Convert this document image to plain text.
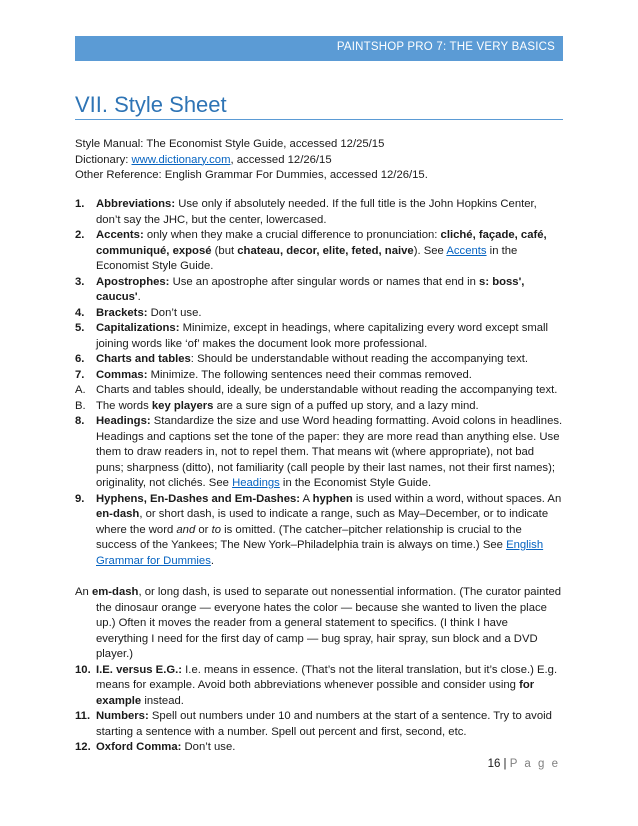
PAINTSHOP PRO 7: THE VERY BASICS
VII. Style Sheet
Style Manual: The Economist Style Guide, accessed 12/25/15
Dictionary: www.dictionary.com, accessed 12/26/15
Other Reference: English Grammar For Dummies, accessed 12/26/15.
1. Abbreviations: Use only if absolutely needed. If the full title is the John Hopkins Center, don’t say the JHC, but the center, lowercased.
2. Accents: only when they make a crucial difference to pronunciation: cliché, façade, café, communiqué, exposé (but chateau, decor, elite, feted, naive). See Accents in the Economist Style Guide.
3. Apostrophes: Use an apostrophe after singular words or names that end in s: boss', caucus'.
4. Brackets: Don’t use.
5. Capitalizations: Minimize, except in headings, where capitalizing every word except small joining words like ‘of’ makes the document look more professional.
6. Charts and tables: Should be understandable without reading the accompanying text.
7. Commas: Minimize. The following sentences need their commas removed.
A. Charts and tables should, ideally, be understandable without reading the accompanying text.
B. The words key players are a sure sign of a puffed up story, and a lazy mind.
8. Headings: Standardize the size and use Word heading formatting. Avoid colons in headlines. Headings and captions set the tone of the paper: they are more read than anything else. Use them to draw readers in, not to repel them. That means wit (where appropriate), not bad puns; sharpness (ditto), not familiarity (call people by their last names, not their first names); originality, not clichés. See Headings in the Economist Style Guide.
9. Hyphens, En-Dashes and Em-Dashes: A hyphen is used within a word, without spaces. An en-dash, or short dash, is used to indicate a range, such as May–December, or to indicate where the word and or to is omitted. (The catcher–pitcher relationship is crucial to the success of the Yankees; The New York–Philadelphia train is always on time.) See English Grammar for Dummies.
An em-dash, or long dash, is used to separate out nonessential information. (The curator painted the dinosaur orange — everyone hates the color — because she wanted to liven the place up.) Often it moves the reader from a general statement to specifics. (I think I have everything I need for the first day of camp — bug spray, hair spray, sun block and a DVD player.)
10. I.E. versus E.G.: I.e. means in essence. (That’s not the literal translation, but it’s close.) E.g. means for example. Avoid both abbreviations whenever possible and consider using for example instead.
11. Numbers: Spell out numbers under 10 and numbers at the start of a sentence. Try to avoid starting a sentence with a number. Spell out percent and first, second, etc.
12. Oxford Comma: Don’t use.
16 | P a g e
